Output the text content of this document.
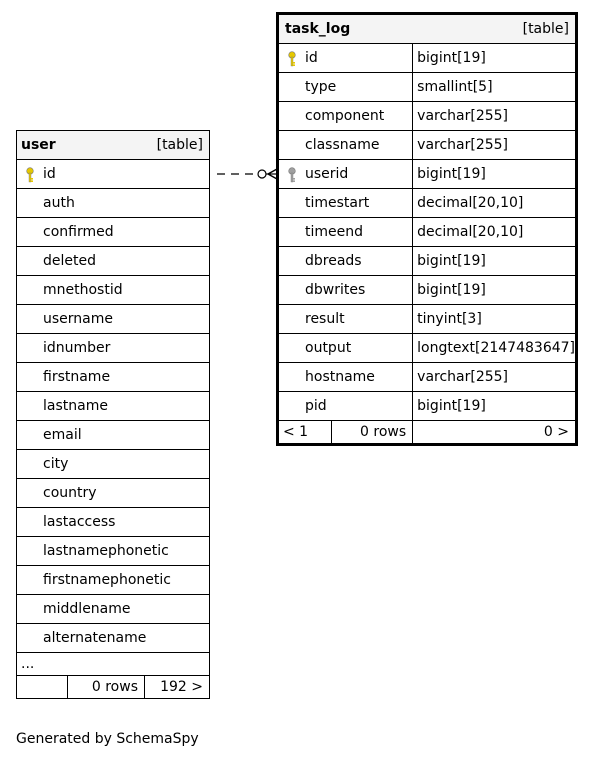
task_log [table]		

id		bigint[19]
type		smallint[5]
component		varchar[255]
classname		varchar[255]
userid		bigint[19]
timestart		decimal[20,10]
timeend		decimal[20,10]
dbreads		bigint[19]
dbwrites		bigint[19]
result		tinyint[3]
output		longtext[2147483647]
hostname		varchar[255]
pid		bigint[19]
< 1	0 rows	0 >
user	[table]

id

auth
confirmed
deleted
mnethostid
username
idnumber
firstname
lastname
email
city
country
lastaccess
lastnamephonetic
firstnamephonetic
middlename
alternatename
...
	0 rows	192 >
Generated by SchemaSpy
